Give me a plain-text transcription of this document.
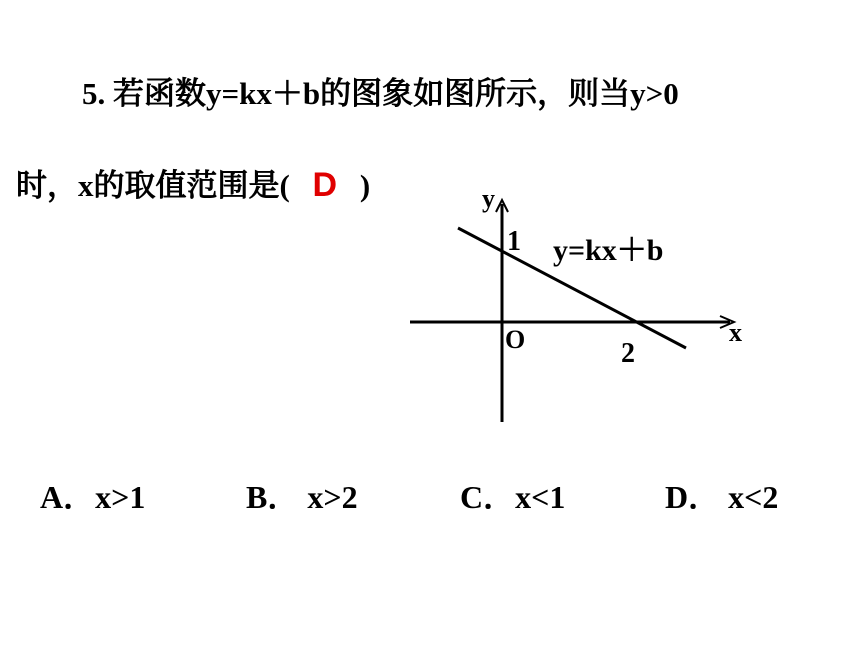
5. 若函数y=kx＋b的图象如图所示，则当y>0
时，x的取值范围是( D )	y
x
O
1
2
y=kx＋b
A．x>1	B． x>2	C．x<1	D． x<2
